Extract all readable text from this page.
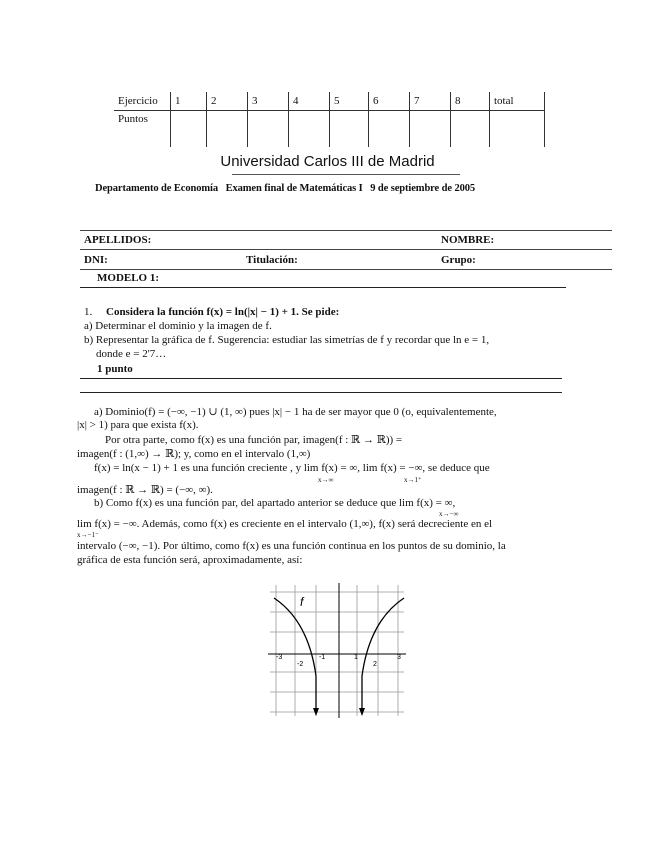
Ejercicio	1	2	3	4	5	6	7	8	total
Puntos									
Universidad Carlos III de Madrid
Departamento de Economía   Examen final de Matemáticas I   9 de septiembre de 2005
APELLIDOS:	NOMBRE:
DNI:	Titulación:	Grupo:
MODELO 1:
1. Considera la función f(x) = ln(|x| − 1) + 1. Se pide:
a) Determinar el dominio y la imagen de f.
b) Representar la gráfica de f. Sugerencia: estudiar las simetrías de f y recordar que ln e = 1,
donde e = 2'7…
1 punto
a) Dominio(f) = (−∞, −1) ∪ (1, ∞) pues |x| − 1 ha de ser mayor que 0 (o, equivalentemente,
|x| > 1) para que exista f(x).
Por otra parte, como f(x) es una función par, imagen(f : ℝ → ℝ)) =
imagen(f : (1,∞) → ℝ); y, como en el intervalo (1,∞)
f(x) = ln(x − 1) + 1 es una función creciente , y lim f(x) = ∞, lim f(x) = −∞, se deduce que
x→∞	x→1⁺
imagen(f : ℝ → ℝ) = (−∞, ∞).
b) Como f(x) es una función par, del apartado anterior se deduce que lim f(x) = ∞,
x→−∞
lim f(x) = −∞. Además, como f(x) es creciente en el intervalo (1,∞), f(x) será decreciente en el
x→−1⁻
intervalo (−∞, −1). Por último, como f(x) es una función continua en los puntos de su dominio, la
gráfica de esta función será, aproximadamente, así:
f
-3
-2
-1	1
2
3
